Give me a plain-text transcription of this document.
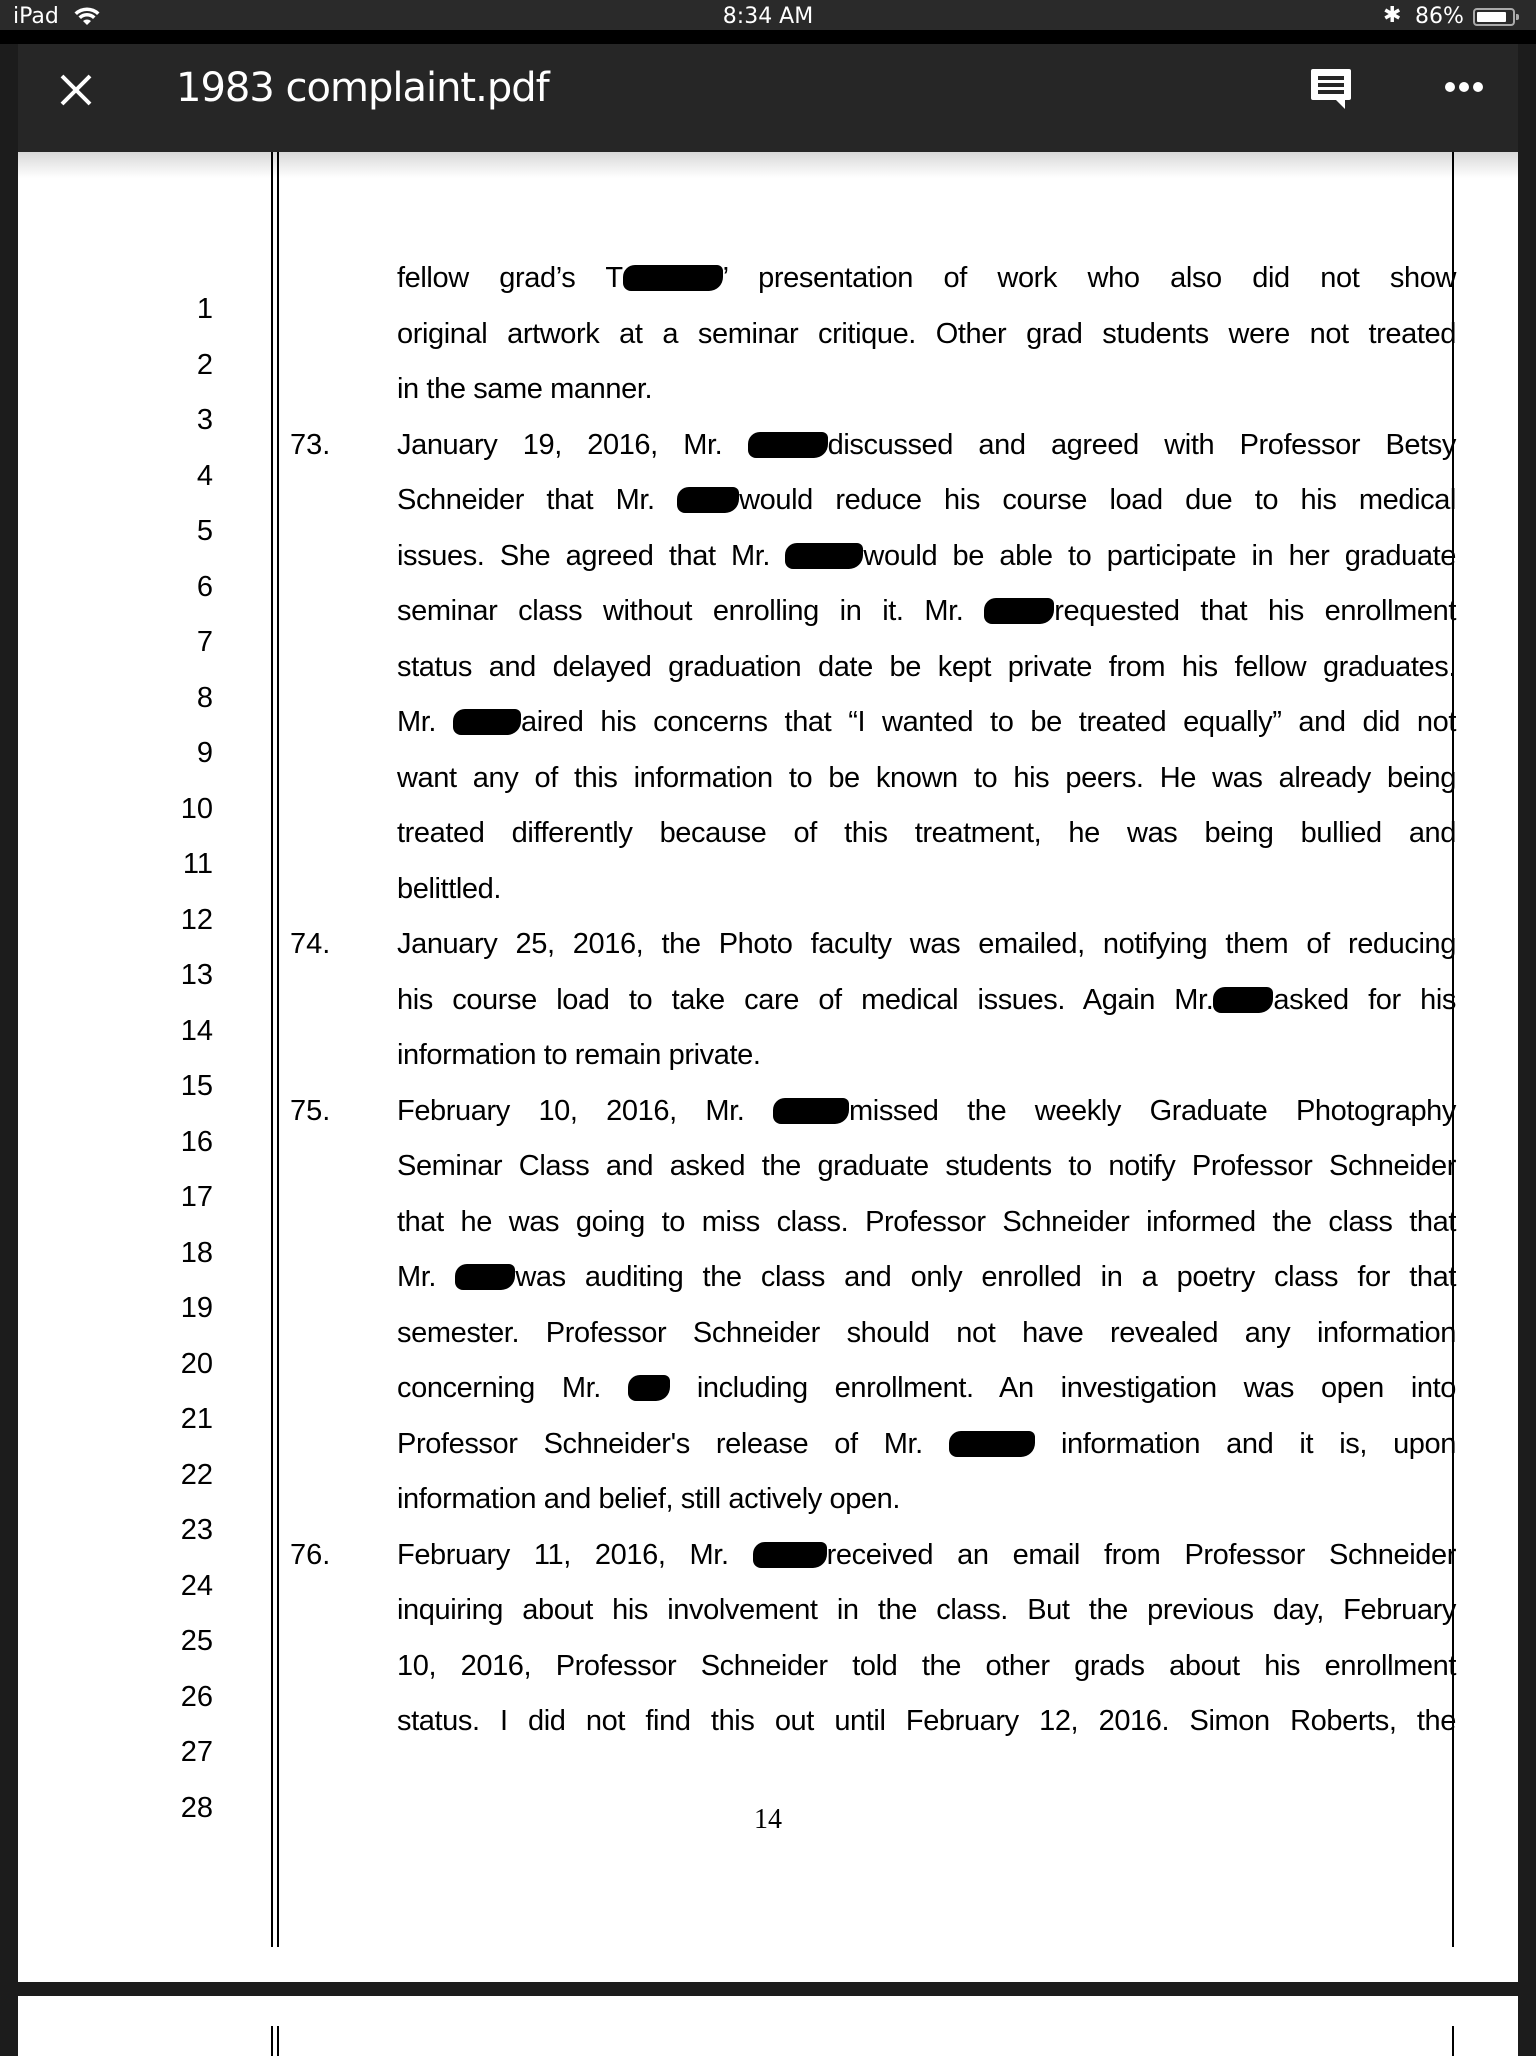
iPad	8:34 AM	✱ 86%
1983 complaint.pdf
1
2
3
4
5
6
7
8
9
10
11
12
13
14
15
16
17
18
19
20
21
22
23
24
25
26
27
28
73.
74.
75.
76.
fellow grad’s T	’ presentation of work who also did not show
original artwork at a seminar critique. Other grad students were not treated
in the same manner.
January 19, 2016, Mr.	discussed and agreed with Professor Betsy
Schneider that Mr. would reduce his course load due to his medical
issues. She agreed that Mr.	would be able to participate in her graduate
seminar class without enrolling in it. Mr. requested that his enrollment
status and delayed graduation date be kept private from his fellow graduates.
Mr. aired his concerns that “I wanted to be treated equally” and did not
want any of this information to be known to his peers. He was already being
treated differently because of this treatment, he was being bullied and
belittled.
January 25, 2016, the Photo faculty was emailed, notifying them of reducing
his course load to take care of medical issues. Again Mr. asked for his
information to remain private.
February 10, 2016, Mr.	missed the weekly Graduate Photography
Seminar Class and asked the graduate students to notify Professor Schneider
that he was going to miss class. Professor Schneider informed the class that
Mr. was auditing the class and only enrolled in a poetry class for that
semester. Professor Schneider should not have revealed any information
concerning Mr.  including enrollment. An investigation was open into
Professor Schneider's release of Mr.	information and it is, upon
information and belief, still actively open.
February 11, 2016, Mr.	received an email from Professor Schneider
inquiring about his involvement in the class. But the previous day, February
10, 2016, Professor Schneider told the other grads about his enrollment
status. I did not find this out until February 12, 2016. Simon Roberts, the
14
